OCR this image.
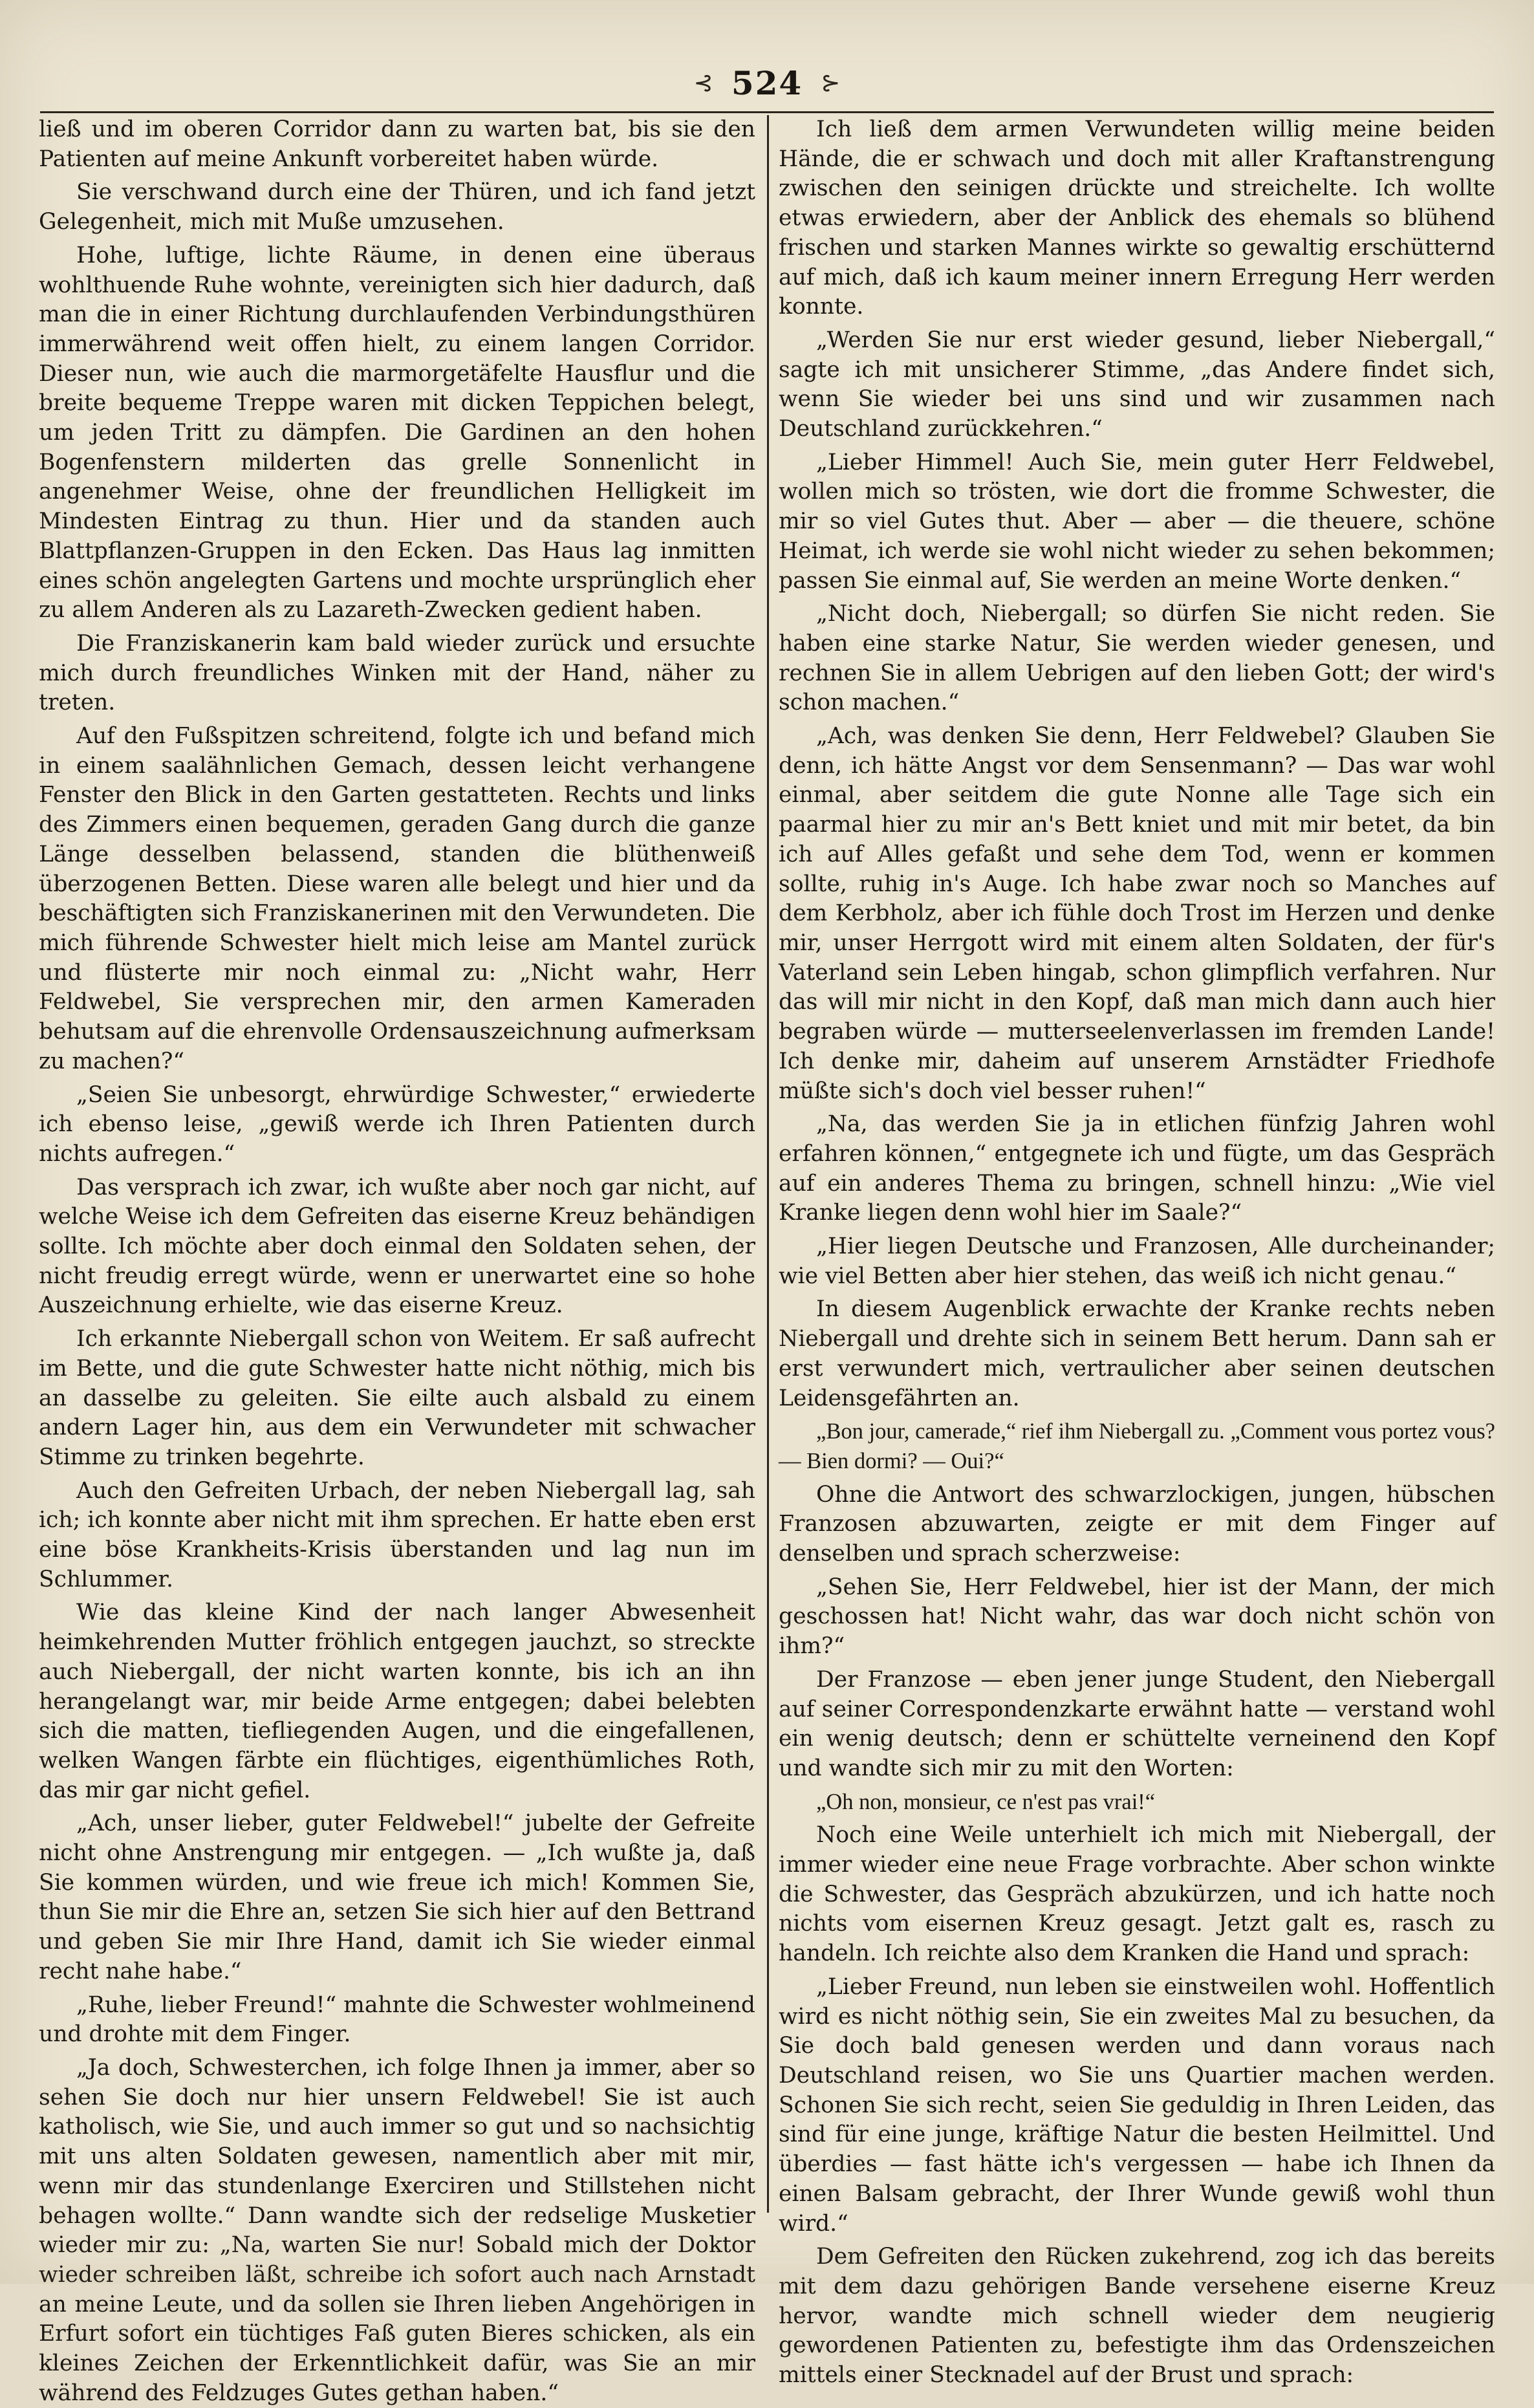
⊰ 524 ⊱

ließ und im oberen Corridor dann zu warten bat, bis sie den Patienten auf meine Ankunft vorbereitet haben würde.

Sie verschwand durch eine der Thüren, und ich fand jetzt Gelegenheit, mich mit Muße umzusehen.

Hohe, luftige, lichte Räume, in denen eine überaus wohlthuende Ruhe wohnte, vereinigten sich hier dadurch, daß man die in einer Richtung durchlaufenden Verbindungsthüren immerwährend weit offen hielt, zu einem langen Corridor. Dieser nun, wie auch die marmorgetäfelte Hausflur und die breite bequeme Treppe waren mit dicken Teppichen belegt, um jeden Tritt zu dämpfen. Die Gardinen an den hohen Bogenfenstern milderten das grelle Sonnenlicht in angenehmer Weise, ohne der freundlichen Helligkeit im Mindesten Eintrag zu thun. Hier und da standen auch Blattpflanzen-Gruppen in den Ecken. Das Haus lag inmitten eines schön angelegten Gartens und mochte ursprünglich eher zu allem Anderen als zu Lazareth-Zwecken gedient haben.

Die Franziskanerin kam bald wieder zurück und ersuchte mich durch freundliches Winken mit der Hand, näher zu treten.

Auf den Fußspitzen schreitend, folgte ich und befand mich in einem saalähnlichen Gemach, dessen leicht verhangene Fenster den Blick in den Garten gestatteten. Rechts und links des Zimmers einen bequemen, geraden Gang durch die ganze Länge desselben belassend, standen die blüthenweiß überzogenen Betten. Diese waren alle belegt und hier und da beschäftigten sich Franziskanerinen mit den Verwundeten. Die mich führende Schwester hielt mich leise am Mantel zurück und flüsterte mir noch einmal zu: „Nicht wahr, Herr Feldwebel, Sie versprechen mir, den armen Kameraden behutsam auf die ehrenvolle Ordensauszeichnung aufmerksam zu machen?“

„Seien Sie unbesorgt, ehrwürdige Schwester,“ erwiederte ich ebenso leise, „gewiß werde ich Ihren Patienten durch nichts aufregen.“

Das versprach ich zwar, ich wußte aber noch gar nicht, auf welche Weise ich dem Gefreiten das eiserne Kreuz behändigen sollte. Ich möchte aber doch einmal den Soldaten sehen, der nicht freudig erregt würde, wenn er unerwartet eine so hohe Auszeichnung erhielte, wie das eiserne Kreuz.

Ich erkannte Niebergall schon von Weitem. Er saß aufrecht im Bette, und die gute Schwester hatte nicht nöthig, mich bis an dasselbe zu geleiten. Sie eilte auch alsbald zu einem andern Lager hin, aus dem ein Verwundeter mit schwacher Stimme zu trinken begehrte.

Auch den Gefreiten Urbach, der neben Niebergall lag, sah ich; ich konnte aber nicht mit ihm sprechen. Er hatte eben erst eine böse Krankheits-Krisis überstanden und lag nun im Schlummer.

Wie das kleine Kind der nach langer Abwesenheit heimkehrenden Mutter fröhlich entgegen jauchzt, so streckte auch Niebergall, der nicht warten konnte, bis ich an ihn herangelangt war, mir beide Arme entgegen; dabei belebten sich die matten, tiefliegenden Augen, und die eingefallenen, welken Wangen färbte ein flüchtiges, eigenthümliches Roth, das mir gar nicht gefiel.

„Ach, unser lieber, guter Feldwebel!“ jubelte der Gefreite nicht ohne Anstrengung mir entgegen. — „Ich wußte ja, daß Sie kommen würden, und wie freue ich mich! Kommen Sie, thun Sie mir die Ehre an, setzen Sie sich hier auf den Bettrand und geben Sie mir Ihre Hand, damit ich Sie wieder einmal recht nahe habe.“

„Ruhe, lieber Freund!“ mahnte die Schwester wohlmeinend und drohte mit dem Finger.

„Ja doch, Schwesterchen, ich folge Ihnen ja immer, aber so sehen Sie doch nur hier unsern Feldwebel! Sie ist auch katholisch, wie Sie, und auch immer so gut und so nachsichtig mit uns alten Soldaten gewesen, namentlich aber mit mir, wenn mir das stundenlange Exerciren und Stillstehen nicht behagen wollte.“ Dann wandte sich der redselige Musketier wieder mir zu: „Na, warten Sie nur! Sobald mich der Doktor wieder schreiben läßt, schreibe ich sofort auch nach Arnstadt an meine Leute, und da sollen sie Ihren lieben Angehörigen in Erfurt sofort ein tüchtiges Faß guten Bieres schicken, als ein kleines Zeichen der Erkenntlichkeit dafür, was Sie an mir während des Feldzuges Gutes gethan haben.“

Ich ließ dem armen Verwundeten willig meine beiden Hände, die er schwach und doch mit aller Kraftanstrengung zwischen den seinigen drückte und streichelte. Ich wollte etwas erwiedern, aber der Anblick des ehemals so blühend frischen und starken Mannes wirkte so gewaltig erschütternd auf mich, daß ich kaum meiner innern Erregung Herr werden konnte.

„Werden Sie nur erst wieder gesund, lieber Niebergall,“ sagte ich mit unsicherer Stimme, „das Andere findet sich, wenn Sie wieder bei uns sind und wir zusammen nach Deutschland zurückkehren.“

„Lieber Himmel! Auch Sie, mein guter Herr Feldwebel, wollen mich so trösten, wie dort die fromme Schwester, die mir so viel Gutes thut. Aber — aber — die theuere, schöne Heimat, ich werde sie wohl nicht wieder zu sehen bekommen; passen Sie einmal auf, Sie werden an meine Worte denken.“

„Nicht doch, Niebergall; so dürfen Sie nicht reden. Sie haben eine starke Natur, Sie werden wieder genesen, und rechnen Sie in allem Uebrigen auf den lieben Gott; der wird's schon machen.“

„Ach, was denken Sie denn, Herr Feldwebel? Glauben Sie denn, ich hätte Angst vor dem Sensenmann? — Das war wohl einmal, aber seitdem die gute Nonne alle Tage sich ein paarmal hier zu mir an's Bett kniet und mit mir betet, da bin ich auf Alles gefaßt und sehe dem Tod, wenn er kommen sollte, ruhig in's Auge. Ich habe zwar noch so Manches auf dem Kerbholz, aber ich fühle doch Trost im Herzen und denke mir, unser Herrgott wird mit einem alten Soldaten, der für's Vaterland sein Leben hingab, schon glimpflich verfahren. Nur das will mir nicht in den Kopf, daß man mich dann auch hier begraben würde — mutterseelenverlassen im fremden Lande! Ich denke mir, daheim auf unserem Arnstädter Friedhofe müßte sich's doch viel besser ruhen!“

„Na, das werden Sie ja in etlichen fünfzig Jahren wohl erfahren können,“ entgegnete ich und fügte, um das Gespräch auf ein anderes Thema zu bringen, schnell hinzu: „Wie viel Kranke liegen denn wohl hier im Saale?“

„Hier liegen Deutsche und Franzosen, Alle durcheinander; wie viel Betten aber hier stehen, das weiß ich nicht genau.“

In diesem Augenblick erwachte der Kranke rechts neben Niebergall und drehte sich in seinem Bett herum. Dann sah er erst verwundert mich, vertraulicher aber seinen deutschen Leidensgefährten an.

„Bon jour, camerade,“ rief ihm Niebergall zu. „Comment vous portez vous? — Bien dormi? — Oui?“

Ohne die Antwort des schwarzlockigen, jungen, hübschen Franzosen abzuwarten, zeigte er mit dem Finger auf denselben und sprach scherzweise:

„Sehen Sie, Herr Feldwebel, hier ist der Mann, der mich geschossen hat! Nicht wahr, das war doch nicht schön von ihm?“

Der Franzose — eben jener junge Student, den Niebergall auf seiner Correspondenzkarte erwähnt hatte — verstand wohl ein wenig deutsch; denn er schüttelte verneinend den Kopf und wandte sich mir zu mit den Worten:

„Oh non, monsieur, ce n'est pas vrai!“

Noch eine Weile unterhielt ich mich mit Niebergall, der immer wieder eine neue Frage vorbrachte. Aber schon winkte die Schwester, das Gespräch abzukürzen, und ich hatte noch nichts vom eisernen Kreuz gesagt. Jetzt galt es, rasch zu handeln. Ich reichte also dem Kranken die Hand und sprach:

„Lieber Freund, nun leben sie einstweilen wohl. Hoffentlich wird es nicht nöthig sein, Sie ein zweites Mal zu besuchen, da Sie doch bald genesen werden und dann voraus nach Deutschland reisen, wo Sie uns Quartier machen werden. Schonen Sie sich recht, seien Sie geduldig in Ihren Leiden, das sind für eine junge, kräftige Natur die besten Heilmittel. Und überdies — fast hätte ich's vergessen — habe ich Ihnen da einen Balsam gebracht, der Ihrer Wunde gewiß wohl thun wird.“

Dem Gefreiten den Rücken zukehrend, zog ich das bereits mit dem dazu gehörigen Bande versehene eiserne Kreuz hervor, wandte mich schnell wieder dem neugierig gewordenen Patienten zu, befestigte ihm das Ordenszeichen mittels einer Stecknadel auf der Brust und sprach:
